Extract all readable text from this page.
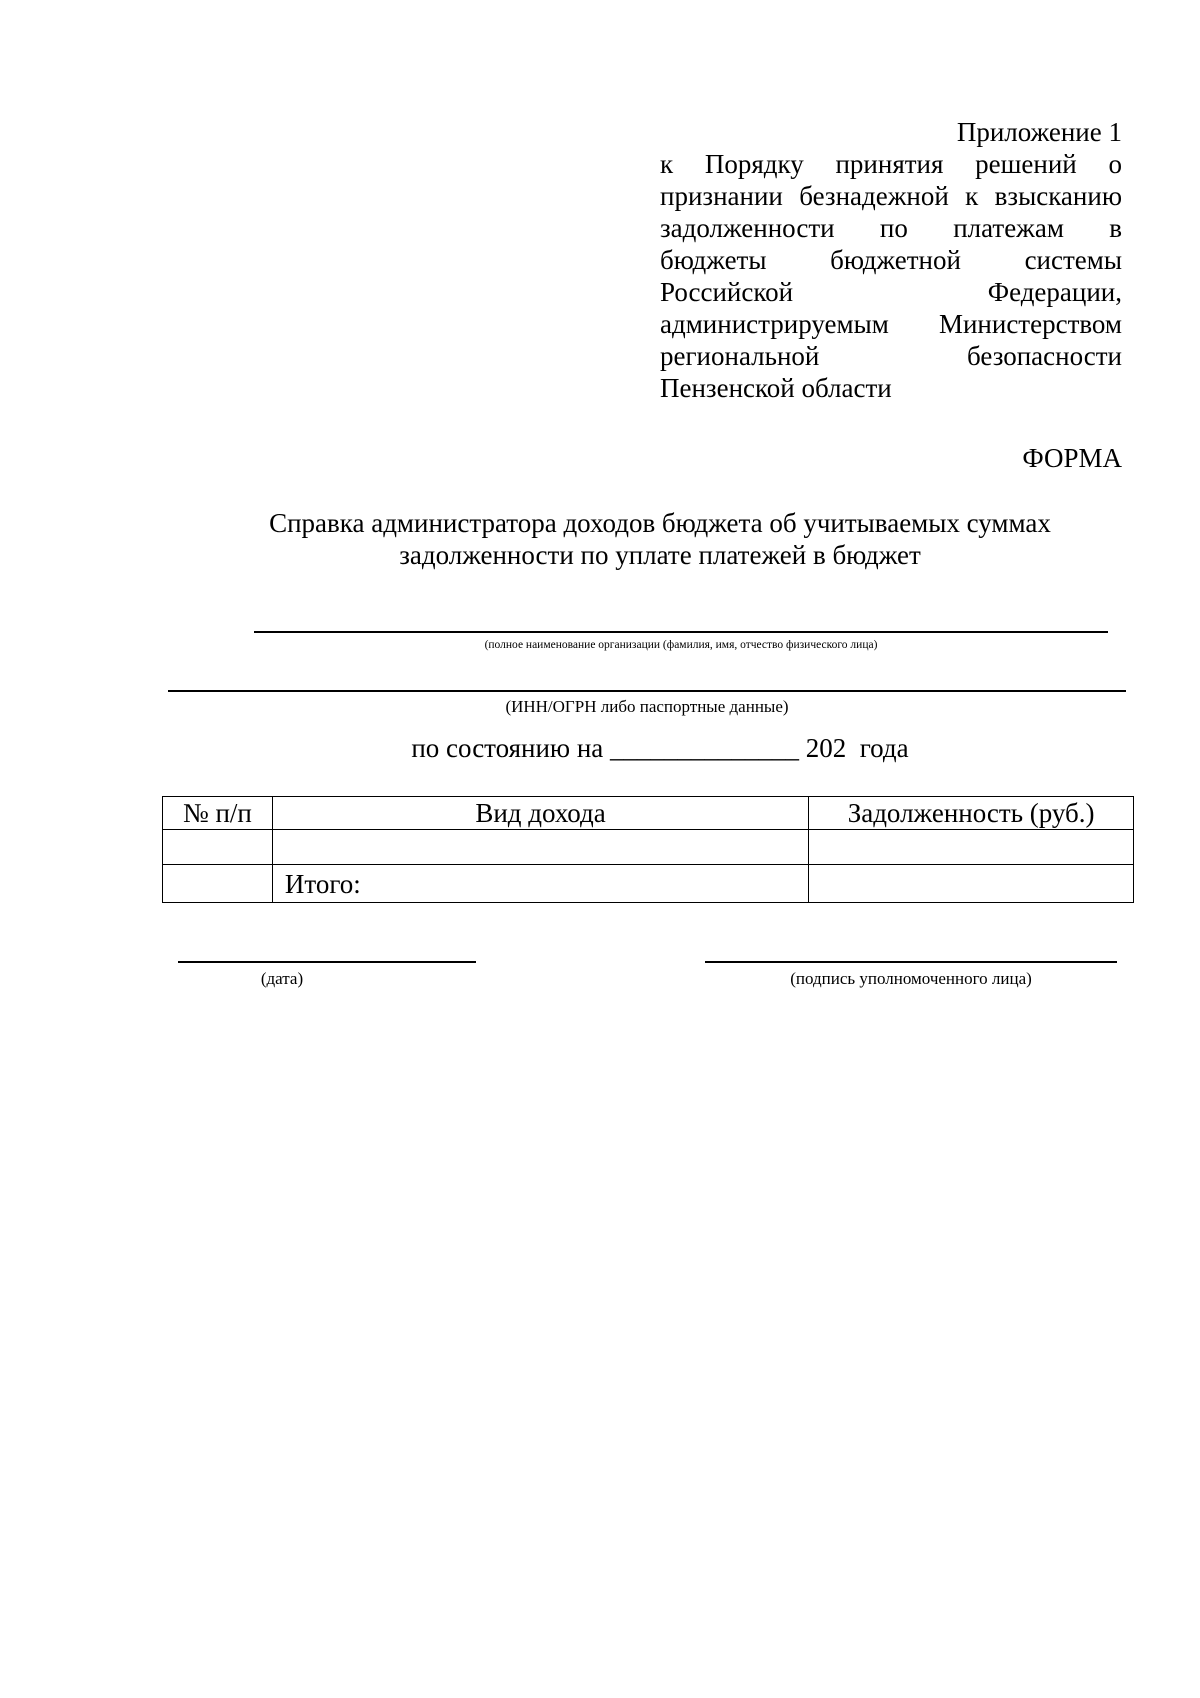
Приложение 1
к Порядку принятия решений о
признании безнадежной к взысканию
задолженности по платежам в
бюджеты бюджетной системы
Российской Федерации,
администрируемым Министерством
региональной безопасности
Пензенской области
ФОРМА
Справка администратора доходов бюджета об учитываемых суммах
задолженности по уплате платежей в бюджет
(полное наименование организации (фамилия, имя, отчество физического лица)
(ИНН/ОГРН либо паспортные данные)
по состоянию на ______________ 202  года
№ п/п	Вид дохода	Задолженность (руб.)

	Итого:	
(дата)	(подпись уполномоченного лица)
